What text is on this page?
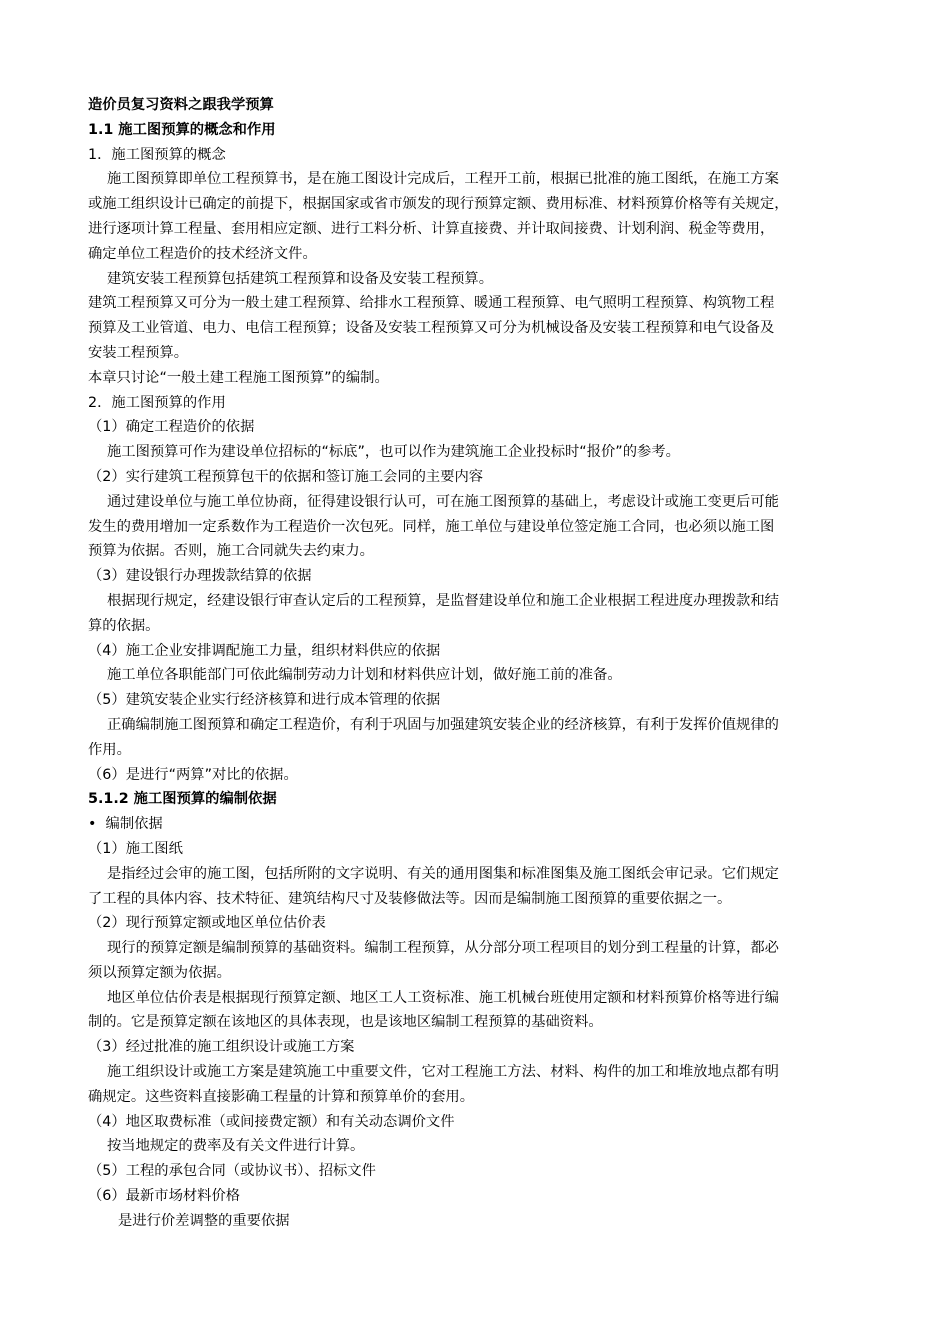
造价员复习资料之跟我学预算
1.1 施工图预算的概念和作用
1．施工图预算的概念
施工图预算即单位工程预算书，是在施工图设计完成后，工程开工前，根据已批准的施工图纸，在施工方案
或施工组织设计已确定的前提下，根据国家或省市颁发的现行预算定额、费用标准、材料预算价格等有关规定，
进行逐项计算工程量、套用相应定额、进行工料分析、计算直接费、并计取间接费、计划利润、税金等费用，
确定单位工程造价的技术经济文件。
建筑安装工程预算包括建筑工程预算和设备及安装工程预算。
建筑工程预算又可分为一般土建工程预算、给排水工程预算、暖通工程预算、电气照明工程预算、构筑物工程
预算及工业管道、电力、电信工程预算；设备及安装工程预算又可分为机械设备及安装工程预算和电气设备及
安装工程预算。
本章只讨论“一般土建工程施工图预算”的编制。
2．施工图预算的作用
（1）确定工程造价的依据
施工图预算可作为建设单位招标的“标底”，也可以作为建筑施工企业投标时“报价”的参考。
（2）实行建筑工程预算包干的依据和签订施工会同的主要内容
通过建设单位与施工单位协商，征得建设银行认可，可在施工图预算的基础上，考虑设计或施工变更后可能
发生的费用增加一定系数作为工程造价一次包死。同样，施工单位与建设单位签定施工合同，也必须以施工图
预算为依据。否则，施工合同就失去约束力。
（3）建设银行办理拨款结算的依据
根据现行规定，经建设银行审查认定后的工程预算，是监督建设单位和施工企业根据工程进度办理拨款和结
算的依据。
（4）施工企业安排调配施工力量，组织材料供应的依据
施工单位各职能部门可依此编制劳动力计划和材料供应计划，做好施工前的准备。
（5）建筑安装企业实行经济核算和进行成本管理的依据
正确编制施工图预算和确定工程造价，有利于巩固与加强建筑安装企业的经济核算，有利于发挥价值规律的
作用。
（6）是进行“两算”对比的依据。
5.1.2 施工图预算的编制依据
•  编制依据
（1）施工图纸
是指经过会审的施工图，包括所附的文字说明、有关的通用图集和标准图集及施工图纸会审记录。它们规定
了工程的具体内容、技术特征、建筑结构尺寸及装修做法等。因而是编制施工图预算的重要依据之一。
（2）现行预算定额或地区单位估价表
现行的预算定额是编制预算的基础资料。编制工程预算，从分部分项工程项目的划分到工程量的计算，都必
须以预算定额为依据。
地区单位估价表是根据现行预算定额、地区工人工资标准、施工机械台班使用定额和材料预算价格等进行编
制的。它是预算定额在该地区的具体表现，也是该地区编制工程预算的基础资料。
（3）经过批准的施工组织设计或施工方案
施工组织设计或施工方案是建筑施工中重要文件，它对工程施工方法、材料、构件的加工和堆放地点都有明
确规定。这些资料直接影确工程量的计算和预算单价的套用。
（4）地区取费标准（或间接费定额）和有关动态调价文件
按当地规定的费率及有关文件进行计算。
（5）工程的承包合同（或协议书）、招标文件
（6）最新市场材料价格
是进行价差调整的重要依据
